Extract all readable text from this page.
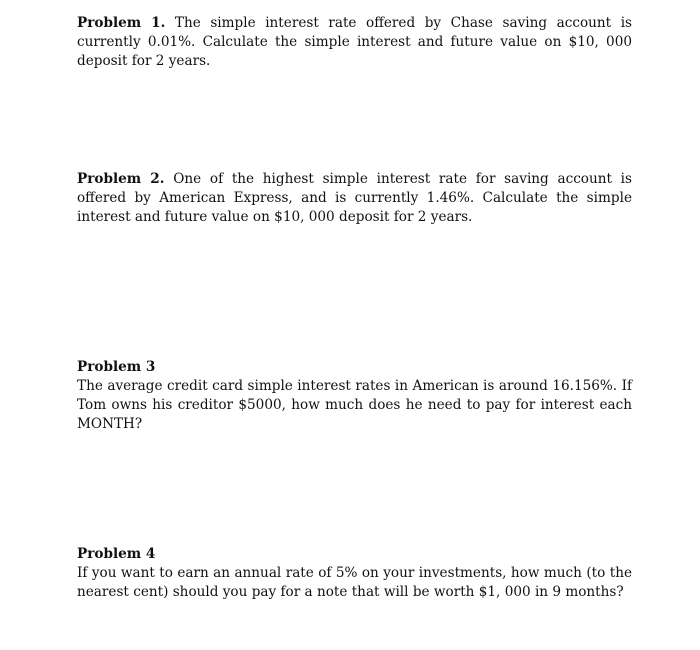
Problem 1. The simple interest rate offered by Chase saving account is currently 0.01%. Calculate the simple interest and future value on $10, 000 deposit for 2 years.
Problem 2. One of the highest simple interest rate for saving account is offered by American Express, and is currently 1.46%. Calculate the simple interest and future value on $10, 000 deposit for 2 years.
Problem 3
The average credit card simple interest rates in American is around 16.156%. If Tom owns his creditor $5000, how much does he need to pay for interest each MONTH?
Problem 4
If you want to earn an annual rate of 5% on your investments, how much (to the nearest cent) should you pay for a note that will be worth $1, 000 in 9 months?
